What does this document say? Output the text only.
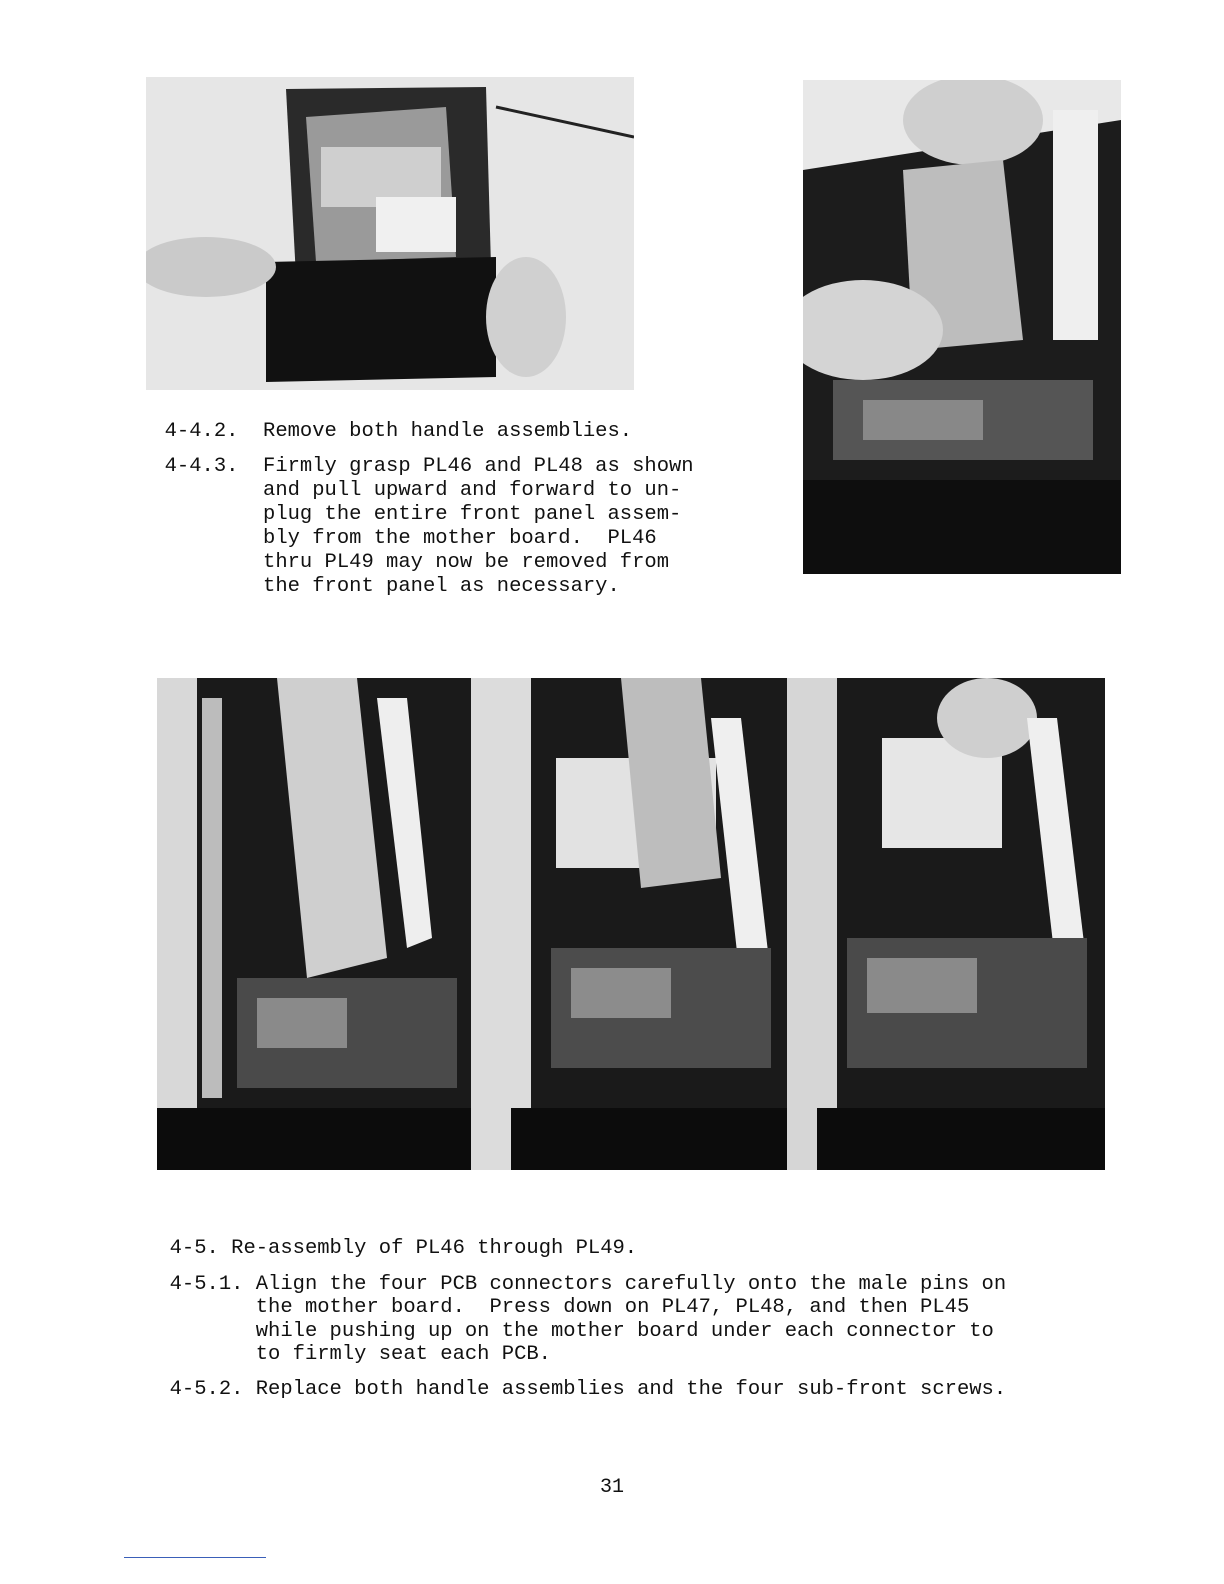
4-4.2. Remove both handle assemblies.

4-4.3. Firmly grasp PL46 and PL48 as shown
and pull upward and forward to un-
plug the entire front panel assem-
bly from the mother board.  PL46
thru PL49 may now be removed from
the front panel as necessary.

4-5. Re-assembly of PL46 through PL49.

4-5.1. Align the four PCB connectors carefully onto the male pins on
the mother board.  Press down on PL47, PL48, and then PL45
while pushing up on the mother board under each connector to
to firmly seat each PCB.

4-5.2. Replace both handle assemblies and the four sub-front screws.

31
